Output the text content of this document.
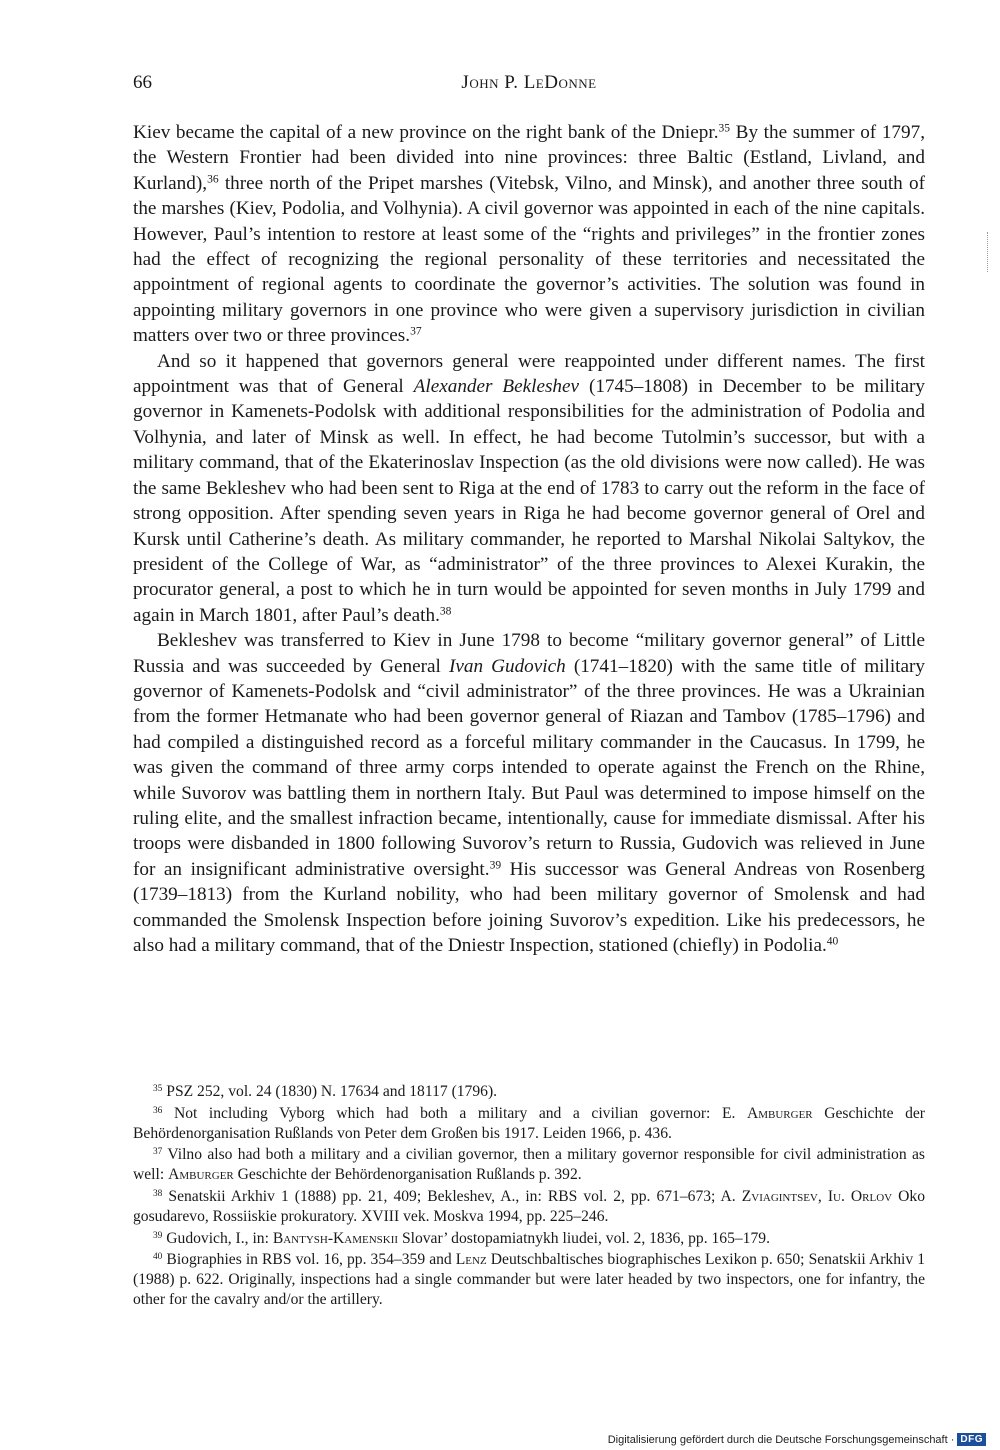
66	John P. LeDonne

Kiev became the capital of a new province on the right bank of the Dniepr.$^{35}$ By the summer of 1797, the Western Frontier had been divided into nine provinces: three Baltic (Estland, Livland, and Kurland),$^{36}$ three north of the Pripet marshes (Vitebsk, Vilno, and Minsk), and another three south of the marshes (Kiev, Podolia, and Volhynia). A civil governor was appointed in each of the nine capitals. However, Paul’s intention to restore at least some of the “rights and privileges” in the frontier zones had the effect of recognizing the regional personality of these territories and necessitated the appointment of regional agents to coordinate the governor’s activities. The solution was found in appointing military governors in one province who were given a supervisory jurisdiction in civilian matters over two or three provinces.$^{37}$

And so it happened that governors general were reappointed under different names. The first appointment was that of General Alexander Bekleshev (1745–1808) in December to be military governor in Kamenets-Podolsk with additional responsibilities for the administration of Podolia and Volhynia, and later of Minsk as well. In effect, he had become Tutolmin’s successor, but with a military command, that of the Ekaterinoslav Inspection (as the old divisions were now called). He was the same Bekleshev who had been sent to Riga at the end of 1783 to carry out the reform in the face of strong opposition. After spending seven years in Riga he had become governor general of Orel and Kursk until Catherine’s death. As military commander, he reported to Marshal Nikolai Saltykov, the president of the College of War, as “administrator” of the three provinces to Alexei Kurakin, the procurator general, a post to which he in turn would be appointed for seven months in July 1799 and again in March 1801, after Paul’s death.$^{38}$

Bekleshev was transferred to Kiev in June 1798 to become “military governor general” of Little Russia and was succeeded by General Ivan Gudovich (1741–1820) with the same title of military governor of Kamenets-Podolsk and “civil administrator” of the three provinces. He was a Ukrainian from the former Hetmanate who had been governor general of Riazan and Tambov (1785–1796) and had compiled a distinguished record as a forceful military commander in the Caucasus. In 1799, he was given the command of three army corps intended to operate against the French on the Rhine, while Suvorov was battling them in northern Italy. But Paul was determined to impose himself on the ruling elite, and the smallest infraction became, intentionally, cause for immediate dismissal. After his troops were disbanded in 1800 following Suvorov’s return to Russia, Gudovich was relieved in June for an insignificant administrative oversight.$^{39}$ His successor was General Andreas von Rosenberg (1739–1813) from the Kurland nobility, who had been military governor of Smolensk and had commanded the Smolensk Inspection before joining Suvorov’s expedition. Like his predecessors, he also had a military command, that of the Dniestr Inspection, stationed (chiefly) in Podolia.$^{40}$

$^{35}$ PSZ 252, vol. 24 (1830) N. 17634 and 18117 (1796).

$^{36}$ Not including Vyborg which had both a military and a civilian governor: E. Amburger Geschichte der Behördenorganisation Rußlands von Peter dem Großen bis 1917. Leiden 1966, p. 436.

$^{37}$ Vilno also had both a military and a civilian governor, then a military governor responsible for civil administration as well: Amburger Geschichte der Behördenorganisation Rußlands p. 392.

$^{38}$ Senatskii Arkhiv 1 (1888) pp. 21, 409; Bekleshev, A., in: RBS vol. 2, pp. 671–673; A. Zviagintsev, Iu. Orlov Oko gosudarevo, Rossiiskie prokuratory. XVIII vek. Moskva 1994, pp. 225–246.

$^{39}$ Gudovich, I., in: Bantysh-Kamenskii Slovar’ dostopamiatnykh liudei, vol. 2, 1836, pp. 165–179.

$^{40}$ Biographies in RBS vol. 16, pp. 354–359 and Lenz Deutschbaltisches biographisches Lexikon p. 650; Senatskii Arkhiv 1 (1988) p. 622. Originally, inspections had a single commander but were later headed by two inspectors, one for infantry, the other for the cavalry and/or the artillery.

Digitalisierung gefördert durch die Deutsche Forschungsgemeinschaft · DFG
